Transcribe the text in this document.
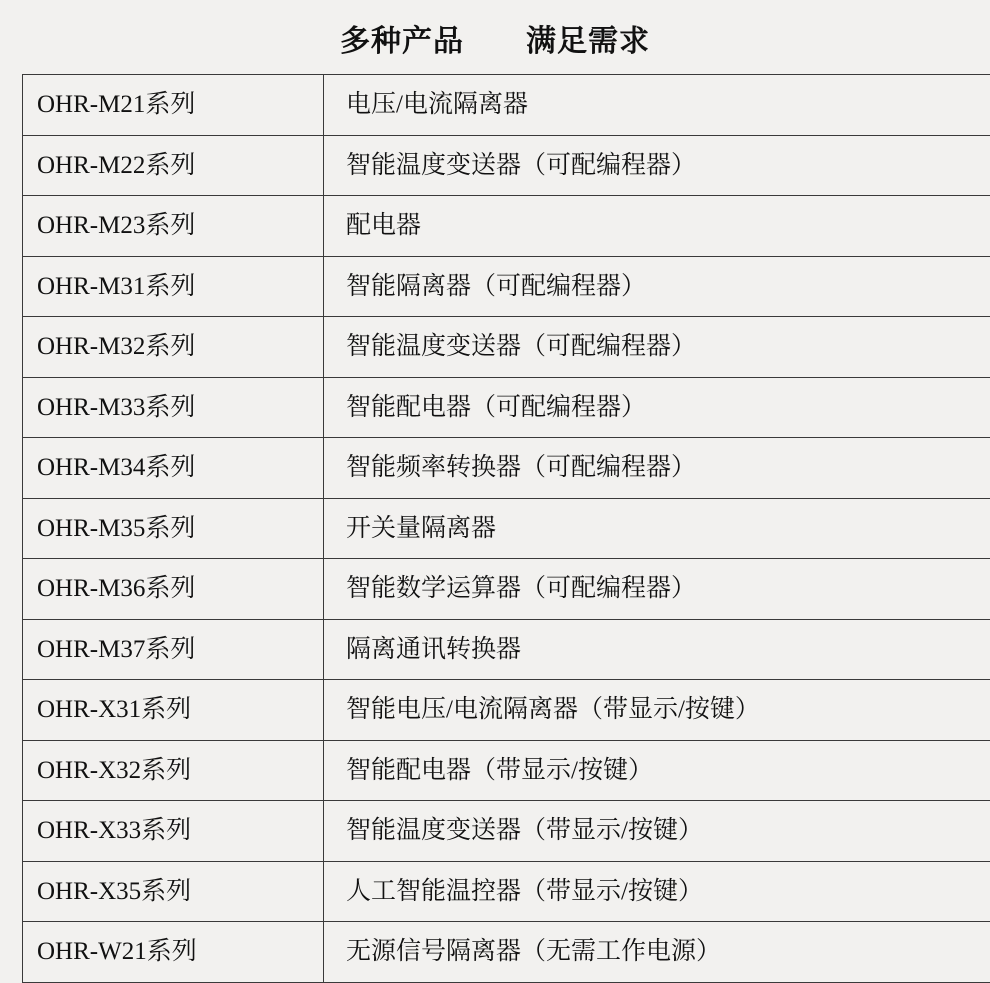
多种产品　　满足需求
OHR-M21系列	电压/电流隔离器
OHR-M22系列	智能温度变送器（可配编程器）
OHR-M23系列	配电器
OHR-M31系列	智能隔离器（可配编程器）
OHR-M32系列	智能温度变送器（可配编程器）
OHR-M33系列	智能配电器（可配编程器）
OHR-M34系列	智能频率转换器（可配编程器）
OHR-M35系列	开关量隔离器
OHR-M36系列	智能数学运算器（可配编程器）
OHR-M37系列	隔离通讯转换器
OHR-X31系列	智能电压/电流隔离器（带显示/按键）
OHR-X32系列	智能配电器（带显示/按键）
OHR-X33系列	智能温度变送器（带显示/按键）
OHR-X35系列	人工智能温控器（带显示/按键）
OHR-W21系列	无源信号隔离器（无需工作电源）
